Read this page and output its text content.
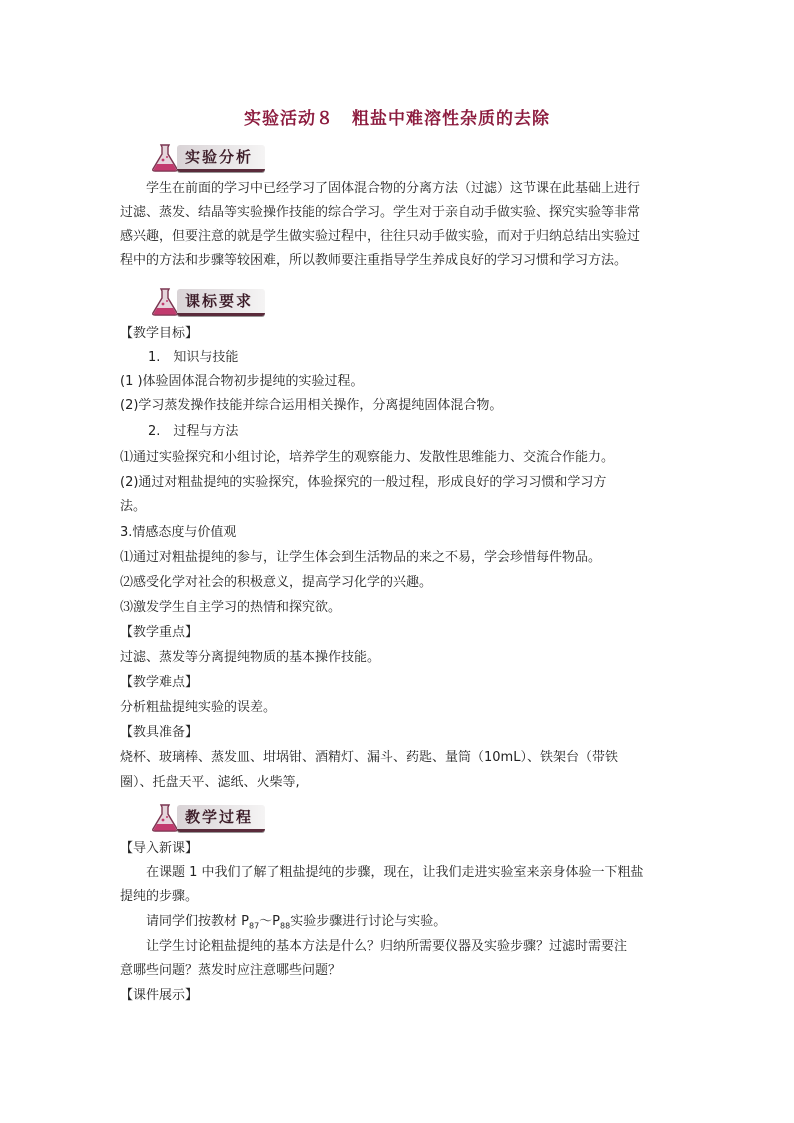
实验活动８　粗盐中难溶性杂质的去除
实验分析
学生在前面的学习中已经学习了固体混合物的分离方法（过滤）这节课在此基础上进行
过滤、蒸发、结晶等实验操作技能的综合学习。学生对于亲自动手做实验、探究实验等非常
感兴趣，但要注意的就是学生做实验过程中，往往只动手做实验，而对于归纳总结出实验过
程中的方法和步骤等较困难，所以教师要注重指导学生养成良好的学习习惯和学习方法。
课标要求
【教学目标】
1.　知识与技能
(1 )体验固体混合物初步提纯的实验过程。
(2)学习蒸发操作技能并综合运用相关操作，分离提纯固体混合物。
2.　过程与方法
⑴通过实验探究和小组讨论，培养学生的观察能力、发散性思维能力、交流合作能力。
(2)通过对粗盐提纯的实验探究，体验探究的一般过程，形成良好的学习习惯和学习方
法。
3.情感态度与价值观
⑴通过对粗盐提纯的参与，让学生体会到生活物品的来之不易，学会珍惜每件物品。
⑵感受化学对社会的积极意义，提高学习化学的兴趣。
⑶激发学生自主学习的热情和探究欲。
【教学重点】
过滤、蒸发等分离提纯物质的基本操作技能。
【教学难点】
分析粗盐提纯实验的误差。
【教具准备】
烧杯、玻璃棒、蒸发皿、坩埚钳、酒精灯、漏斗、药匙、量筒（10mL）、铁架台（带铁
圈）、托盘天平、滤纸、火柴等,
教学过程
【导入新课】
在课题 1 中我们了解了粗盐提纯的步骤，现在，让我们走进实验室来亲身体验一下粗盐
提纯的步骤。
请同学们按教材 $P_{87}\sim P_{88}$实验步骤进行讨论与实验。
让学生讨论粗盐提纯的基本方法是什么？归纳所需要仪器及实验步骤？过滤时需要注
意哪些问题？蒸发时应注意哪些问题？
【课件展示】
